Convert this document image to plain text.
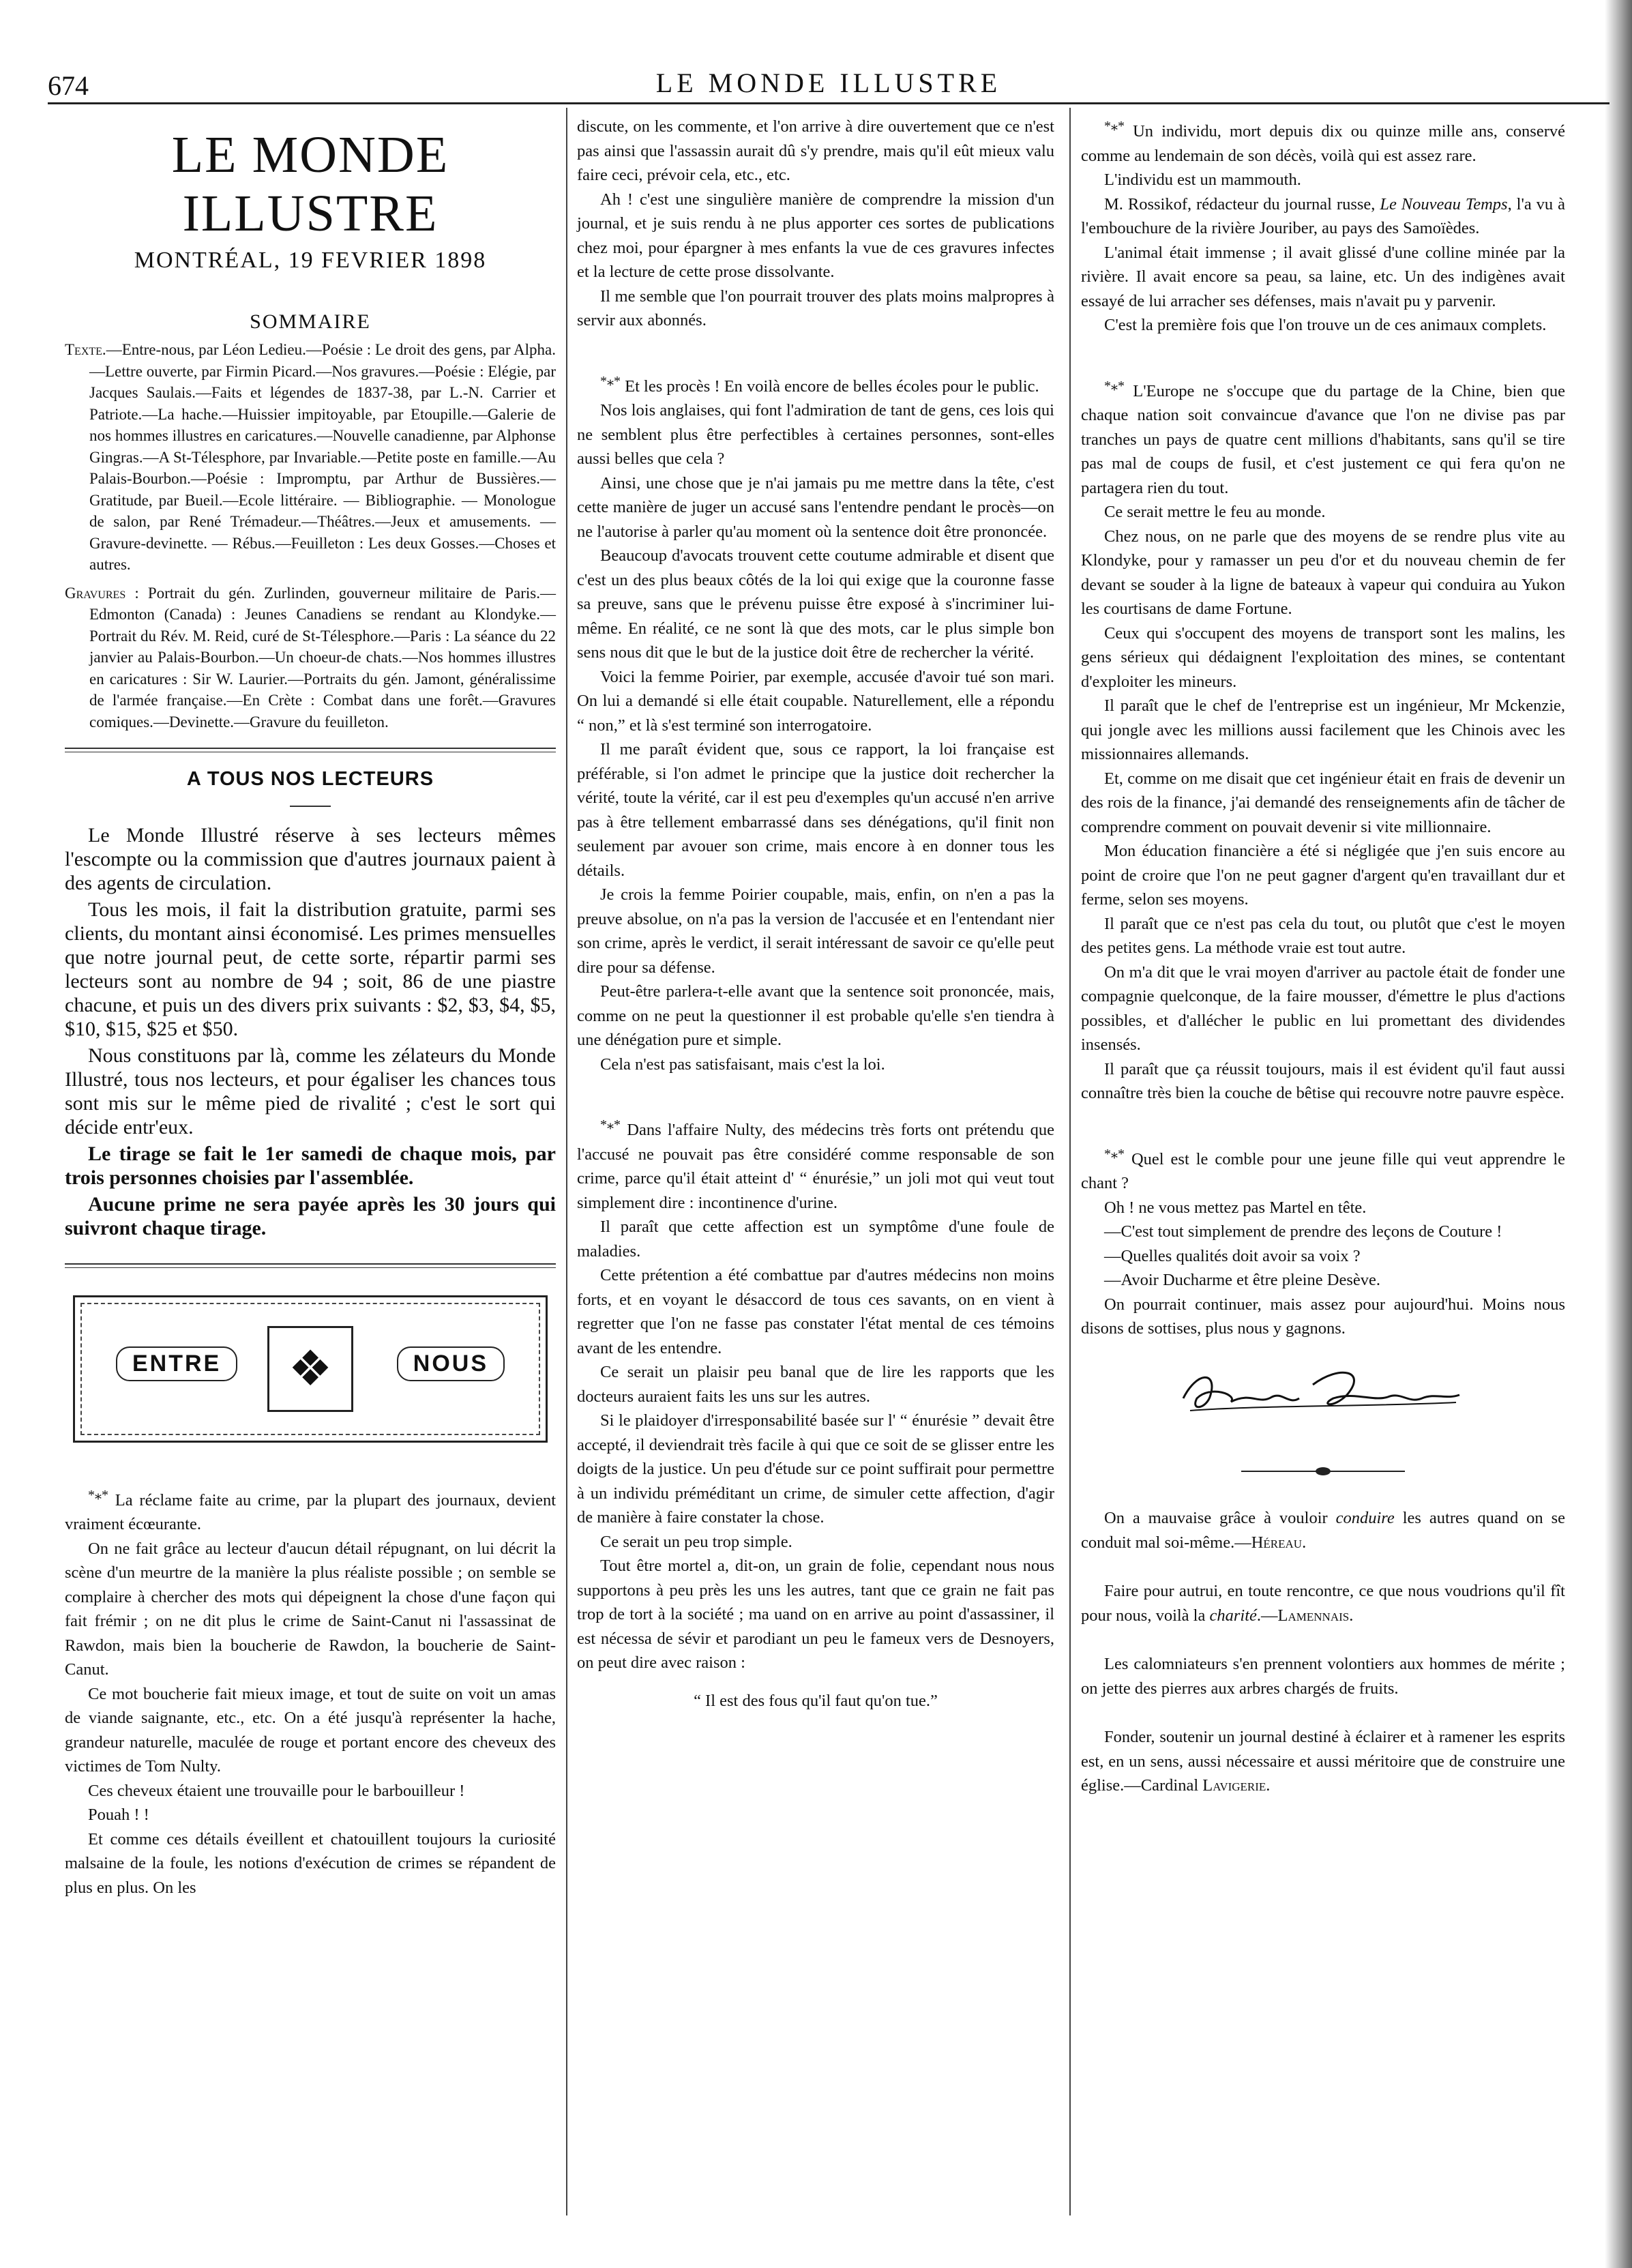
674	LE MONDE ILLUSTRE
LE MONDE ILLUSTRE
MONTRÉAL, 19 FEVRIER 1898
SOMMAIRE

Texte.—Entre-nous, par Léon Ledieu.—Poésie : Le droit des gens, par Alpha.—Lettre ouverte, par Firmin Picard.—Nos gravures.—Poésie : Elégie, par Jacques Saulais.—Faits et légendes de 1837-38, par L.-N. Carrier et Patriote.—La hache.—Huissier impitoyable, par Etoupille.—Galerie de nos hommes illustres en caricatures.—Nouvelle canadienne, par Alphonse Gingras.—A St-Télesphore, par Invariable.—Petite poste en famille.—Au Palais-Bourbon.—Poésie : Impromptu, par Arthur de Bussières.—Gratitude, par Bueil.—Ecole littéraire. — Bibliographie. — Monologue de salon, par René Trémadeur.—Théâtres.—Jeux et amusements. — Gravure-devinette. — Rébus.—Feuilleton : Les deux Gosses.—Choses et autres.

Gravures : Portrait du gén. Zurlinden, gouverneur militaire de Paris.—Edmonton (Canada) : Jeunes Canadiens se rendant au Klondyke.—Portrait du Rév. M. Reid, curé de St-Télesphore.—Paris : La séance du 22 janvier au Palais-Bourbon.—Un choeur-de chats.—Nos hommes illustres en caricatures : Sir W. Laurier.—Portraits du gén. Jamont, généralissime de l'armée française.—En Crète : Combat dans une forêt.—Gravures comiques.—Devinette.—Gravure du feuilleton.

A TOUS NOS LECTEURS

Le Monde Illustré réserve à ses lecteurs mêmes l'escompte ou la commission que d'autres journaux paient à des agents de circulation.

Tous les mois, il fait la distribution gratuite, parmi ses clients, du montant ainsi économisé. Les primes mensuelles que notre journal peut, de cette sorte, répartir parmi ses lecteurs sont au nombre de 94 ; soit, 86 de une piastre chacune, et puis un des divers prix suivants : $2, $3, $4, $5, $10, $15, $25 et $50.

Nous constituons par là, comme les zélateurs du Monde Illustré, tous nos lecteurs, et pour égaliser les chances tous sont mis sur le même pied de rivalité ; c'est le sort qui décide entr'eux.

Le tirage se fait le 1er samedi de chaque mois, par trois personnes choisies par l'assemblée.

Aucune prime ne sera payée après les 30 jours qui suivront chaque tirage.

ENTRE	❖	NOUS

*⁎* La réclame faite au crime, par la plupart des journaux, devient vraiment écœurante.

On ne fait grâce au lecteur d'aucun détail répugnant, on lui décrit la scène d'un meurtre de la manière la plus réaliste possible ; on semble se complaire à chercher des mots qui dépeignent la chose d'une façon qui fait frémir ; on ne dit plus le crime de Saint-Canut ni l'assassinat de Rawdon, mais bien la boucherie de Rawdon, la boucherie de Saint-Canut.

Ce mot boucherie fait mieux image, et tout de suite on voit un amas de viande saignante, etc., etc. On a été jusqu'à représenter la hache, grandeur naturelle, maculée de rouge et portant encore des cheveux des victimes de Tom Nulty.

Ces cheveux étaient une trouvaille pour le barbouilleur !

Pouah ! !

Et comme ces détails éveillent et chatouillent toujours la curiosité malsaine de la foule, les notions d'exécution de crimes se répandent de plus en plus. On les

discute, on les commente, et l'on arrive à dire ouvertement que ce n'est pas ainsi que l'assassin aurait dû s'y prendre, mais qu'il eût mieux valu faire ceci, prévoir cela, etc., etc.

Ah ! c'est une singulière manière de comprendre la mission d'un journal, et je suis rendu à ne plus apporter ces sortes de publications chez moi, pour épargner à mes enfants la vue de ces gravures infectes et la lecture de cette prose dissolvante.

Il me semble que l'on pourrait trouver des plats moins malpropres à servir aux abonnés.

*⁎* Et les procès ! En voilà encore de belles écoles pour le public.

Nos lois anglaises, qui font l'admiration de tant de gens, ces lois qui ne semblent plus être perfectibles à certaines personnes, sont-elles aussi belles que cela ?

Ainsi, une chose que je n'ai jamais pu me mettre dans la tête, c'est cette manière de juger un accusé sans l'entendre pendant le procès—on ne l'autorise à parler qu'au moment où la sentence doit être prononcée.

Beaucoup d'avocats trouvent cette coutume admirable et disent que c'est un des plus beaux côtés de la loi qui exige que la couronne fasse sa preuve, sans que le prévenu puisse être exposé à s'incriminer lui-même. En réalité, ce ne sont là que des mots, car le plus simple bon sens nous dit que le but de la justice doit être de rechercher la vérité.

Voici la femme Poirier, par exemple, accusée d'avoir tué son mari. On lui a demandé si elle était coupable. Naturellement, elle a répondu “ non,” et là s'est terminé son interrogatoire.

Il me paraît évident que, sous ce rapport, la loi française est préférable, si l'on admet le principe que la justice doit rechercher la vérité, toute la vérité, car il est peu d'exemples qu'un accusé n'en arrive pas à être tellement embarrassé dans ses dénégations, qu'il finit non seulement par avouer son crime, mais encore à en donner tous les détails.

Je crois la femme Poirier coupable, mais, enfin, on n'en a pas la preuve absolue, on n'a pas la version de l'accusée et en l'entendant nier son crime, après le verdict, il serait intéressant de savoir ce qu'elle peut dire pour sa défense.

Peut-être parlera-t-elle avant que la sentence soit prononcée, mais, comme on ne peut la questionner il est probable qu'elle s'en tiendra à une dénégation pure et simple.

Cela n'est pas satisfaisant, mais c'est la loi.

*⁎* Dans l'affaire Nulty, des médecins très forts ont prétendu que l'accusé ne pouvait pas être considéré comme responsable de son crime, parce qu'il était atteint d' “ énurésie,” un joli mot qui veut tout simplement dire : incontinence d'urine.

Il paraît que cette affection est un symptôme d'une foule de maladies.

Cette prétention a été combattue par d'autres médecins non moins forts, et en voyant le désaccord de tous ces savants, on en vient à regretter que l'on ne fasse pas constater l'état mental de ces témoins avant de les entendre.

Ce serait un plaisir peu banal que de lire les rapports que les docteurs auraient faits les uns sur les autres.

Si le plaidoyer d'irresponsabilité basée sur l' “ énurésie ” devait être accepté, il deviendrait très facile à qui que ce soit de se glisser entre les doigts de la justice. Un peu d'étude sur ce point suffirait pour permettre à un individu préméditant un crime, de simuler cette affection, d'agir de manière à faire constater la chose.

Ce serait un peu trop simple.

Tout être mortel a, dit-on, un grain de folie, cependant nous nous supportons à peu près les uns les autres, tant que ce grain ne fait pas trop de tort à la société ; ma uand on en arrive au point d'assassiner, il est nécessa de sévir et parodiant un peu le fameux vers de Desnoyers, on peut dire avec raison :

“ Il est des fous qu'il faut qu'on tue.”

*⁎* Un individu, mort depuis dix ou quinze mille ans, conservé comme au lendemain de son décès, voilà qui est assez rare.

L'individu est un mammouth.

M. Rossikof, rédacteur du journal russe, Le Nouveau Temps, l'a vu à l'embouchure de la rivière Jouriber, au pays des Samoïèdes.

L'animal était immense ; il avait glissé d'une colline minée par la rivière. Il avait encore sa peau, sa laine, etc. Un des indigènes avait essayé de lui arracher ses défenses, mais n'avait pu y parvenir.

C'est la première fois que l'on trouve un de ces animaux complets.

*⁎* L'Europe ne s'occupe que du partage de la Chine, bien que chaque nation soit convaincue d'avance que l'on ne divise pas par tranches un pays de quatre cent millions d'habitants, sans qu'il se tire pas mal de coups de fusil, et c'est justement ce qui fera qu'on ne partagera rien du tout.

Ce serait mettre le feu au monde.

Chez nous, on ne parle que des moyens de se rendre plus vite au Klondyke, pour y ramasser un peu d'or et du nouveau chemin de fer devant se souder à la ligne de bateaux à vapeur qui conduira au Yukon les courtisans de dame Fortune.

Ceux qui s'occupent des moyens de transport sont les malins, les gens sérieux qui dédaignent l'exploitation des mines, se contentant d'exploiter les mineurs.

Il paraît que le chef de l'entreprise est un ingénieur, Mr Mckenzie, qui jongle avec les millions aussi facilement que les Chinois avec les missionnaires allemands.

Et, comme on me disait que cet ingénieur était en frais de devenir un des rois de la finance, j'ai demandé des renseignements afin de tâcher de comprendre comment on pouvait devenir si vite millionnaire.

Mon éducation financière a été si négligée que j'en suis encore au point de croire que l'on ne peut gagner d'argent qu'en travaillant dur et ferme, selon ses moyens.

Il paraît que ce n'est pas cela du tout, ou plutôt que c'est le moyen des petites gens. La méthode vraie est tout autre.

On m'a dit que le vrai moyen d'arriver au pactole était de fonder une compagnie quelconque, de la faire mousser, d'émettre le plus d'actions possibles, et d'allécher le public en lui promettant des dividendes insensés.

Il paraît que ça réussit toujours, mais il est évident qu'il faut aussi connaître très bien la couche de bêtise qui recouvre notre pauvre espèce.

*⁎* Quel est le comble pour une jeune fille qui veut apprendre le chant ?

Oh ! ne vous mettez pas Martel en tête.

—C'est tout simplement de prendre des leçons de Couture !

—Quelles qualités doit avoir sa voix ?

—Avoir Ducharme et être pleine Desève.

On pourrait continuer, mais assez pour aujourd'hui. Moins nous disons de sottises, plus nous y gagnons.

On a mauvaise grâce à vouloir conduire les autres quand on se conduit mal soi-même.—Héreau.

Faire pour autrui, en toute rencontre, ce que nous voudrions qu'il fît pour nous, voilà la charité.—Lamennais.

Les calomniateurs s'en prennent volontiers aux hommes de mérite ; on jette des pierres aux arbres chargés de fruits.

Fonder, soutenir un journal destiné à éclairer et à ramener les esprits est, en un sens, aussi nécessaire et aussi méritoire que de construire une église.—Cardinal Lavigerie.
